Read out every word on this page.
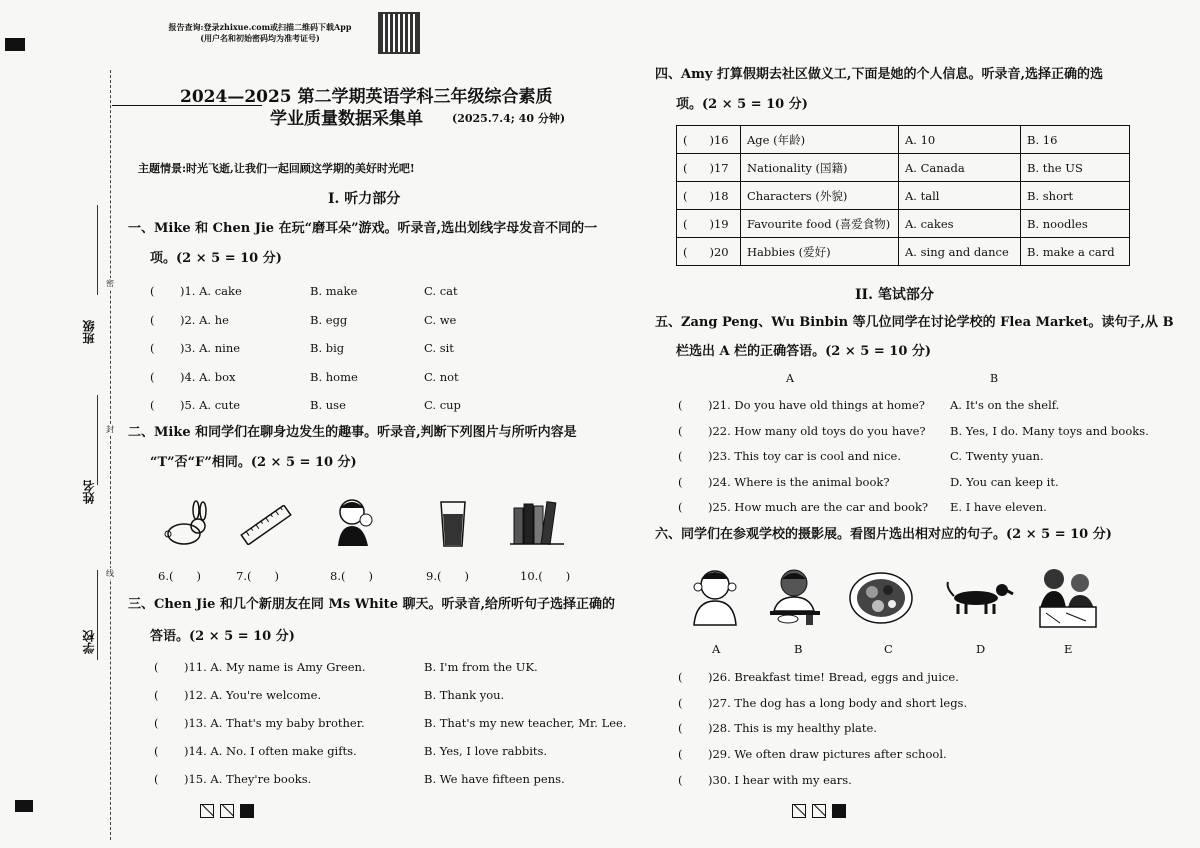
报告查询:登录zhixue.com或扫描二维码下载App
(用户名和初始密码均为准考证号)
班级
姓名
学校
密
封
线
2024—2025 第二学期英语学科三年级综合素质
学业质量数据采集单	(2025.7.4; 40 分钟)
主题情景:时光飞逝,让我们一起回顾这学期的美好时光吧!
I. 听力部分
一、Mike 和 Chen Jie 在玩“磨耳朵”游戏。听录音,选出划线字母发音不同的一
项。(2 × 5 = 10 分)
( )1. A. cake	B. make	C. cat
( )2. A. he	B. egg	C. we
( )3. A. nine	B. big	C. sit
( )4. A. box	B. home	C. not
( )5. A. cute	B. use	C. cup
二、Mike 和同学们在聊身边发生的趣事。听录音,判断下列图片与所听内容是
“T”否“F”相同。(2 × 5 = 10 分)
6.(　　)	7.(　　)	8.(　　)	9.(　　)	10.(　　)
三、Chen Jie 和几个新朋友在同 Ms White 聊天。听录音,给所听句子选择正确的
答语。(2 × 5 = 10 分)
( )11. A. My name is Amy Green.	B. I'm from the UK.
( )12. A. You're welcome.	B. Thank you.
( )13. A. That's my baby brother.	B. That's my new teacher, Mr. Lee.
( )14. A. No. I often make gifts.	B. Yes, I love rabbits.
( )15. A. They're books.	B. We have fifteen pens.
四、Amy 打算假期去社区做义工,下面是她的个人信息。听录音,选择正确的选
项。(2 × 5 = 10 分)
( )16	Age (年龄)	A. 10	B. 16
( )17	Nationality (国籍)	A. Canada	B. the US
( )18	Characters (外貌)	A. tall	B. short
( )19	Favourite food (喜爱食物)	A. cakes	B. noodles
( )20	Habbies (爱好)	A. sing and dance	B. make a card
II. 笔试部分
五、Zang Peng、Wu Binbin 等几位同学在讨论学校的 Flea Market。读句子,从 B
栏选出 A 栏的正确答语。(2 × 5 = 10 分)
A	B
( )21. Do you have old things at home? A. It's on the shelf.
( )22. How many old toys do you have? B. Yes, I do. Many toys and books.
( )23. This toy car is cool and nice.	C. Twenty yuan.
( )24. Where is the animal book?	D. You can keep it.
( )25. How much are the car and book? E. I have eleven.
六、同学们在参观学校的摄影展。看图片选出相对应的句子。(2 × 5 = 10 分)
A	B	C	D	E
( )26. Breakfast time! Bread, eggs and juice.
( )27. The dog has a long body and short legs.
( )28. This is my healthy plate.
( )29. We often draw pictures after school.
( )30. I hear with my ears.
